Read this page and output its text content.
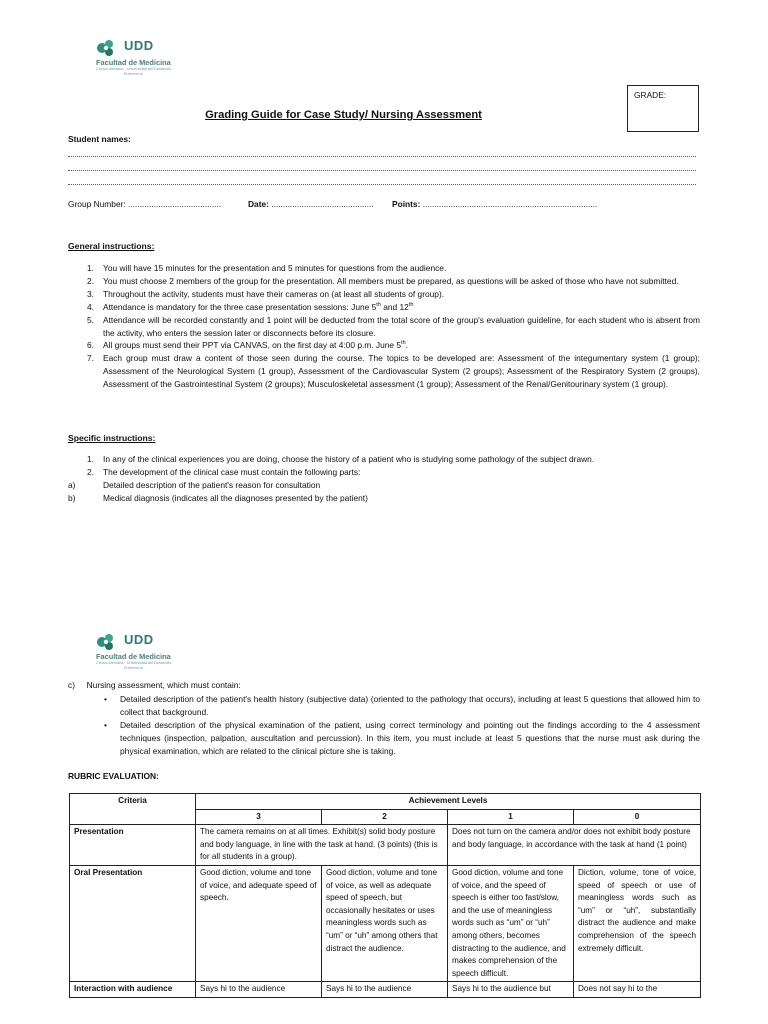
UDD
Facultad de Medicina
Clínica Alemana · Universidad del Desarrollo
Enfermería
GRADE:
Grading Guide for Case Study/ Nursing Assessment
Student names:
Group Number: ........................................	Date: ............................................ Points: ...........................................................................
General instructions:
1. You will have 15 minutes for the presentation and 5 minutes for questions from the audience.
2. You must choose 2 members of the group for the presentation. All members must be prepared, as questions will be asked of those who have not submitted.
3. Throughout the activity, students must have their cameras on (at least all students of group).
4. Attendance is mandatory for the three case presentation sessions: June 5th and 12th
5. Attendance will be recorded constantly and 1 point will be deducted from the total score of the group's evaluation guideline, for each student who is absent from the activity, who enters the session later or disconnects before its closure.
6. All groups must send their PPT via CANVAS, on the first day at 4:00 p.m. June 5th.
7. Each group must draw a content of those seen during the course. The topics to be developed are: Assessment of the integumentary system (1 group); Assessment of the Neurological System (1 group), Assessment of the Cardiovascular System (2 groups); Assessment of the Respiratory System (2 groups), Assessment of the Gastrointestinal System (2 groups); Musculoskeletal assessment (1 group); Assessment of the Renal/Genitourinary system (1 group).
Specific instructions:
1. In any of the clinical experiences you are doing, choose the history of a patient who is studying some pathology of the subject drawn.
2. The development of the clinical case must contain the following parts:
a)	Detailed description of the patient's reason for consultation
b)	Medical diagnosis (indicates all the diagnoses presented by the patient)
UDD
Facultad de Medicina
Clínica Alemana · Universidad del Desarrollo
Enfermería
c) Nursing assessment, which must contain:
• Detailed description of the patient's health history (subjective data) (oriented to the pathology that occurs), including at least 5 questions that allowed him to collect that background.
• Detailed description of the physical examination of the patient, using correct terminology and pointing out the findings according to the 4 assessment techniques (inspection, palpation, auscultation and percussion). In this item, you must include at least 5 questions that the nurse must ask during the physical examination, which are related to the clinical picture she is taking.
RUBRIC EVALUATION:
Criteria	Achievement Levels			
	3	2	1	0
Presentation	The camera remains on at all times. Exhibit(s) solid body posture and body language, in line with the task at hand. (3 points) (this is for all students in a group).		Does not turn on the camera and/or does not exhibit body posture and body language, in accordance with the task at hand (1 point)	
Oral Presentation	Good diction, volume and tone of voice, and adequate speed of speech.	Good diction, volume and tone of voice, as well as adequate speed of speech, but occasionally hesitates or uses meaningless words such as “um” or “uh” among others that distract the audience.	Good diction, volume and tone of voice, and the speed of speech is either too fast/slow, and the use of meaningless words such as “um” or “uh” among others, becomes distracting to the audience, and makes comprehension of the speech difficult.	Diction, volume, tone of voice, speed of speech or use of meaningless words such as “um” or “uh”, substantially distract the audience and make comprehension of the speech extremely difficult.
Interaction with audience	Says hi to the audience	Says hi to the audience	Says hi to the audience but	Does not say hi to the
